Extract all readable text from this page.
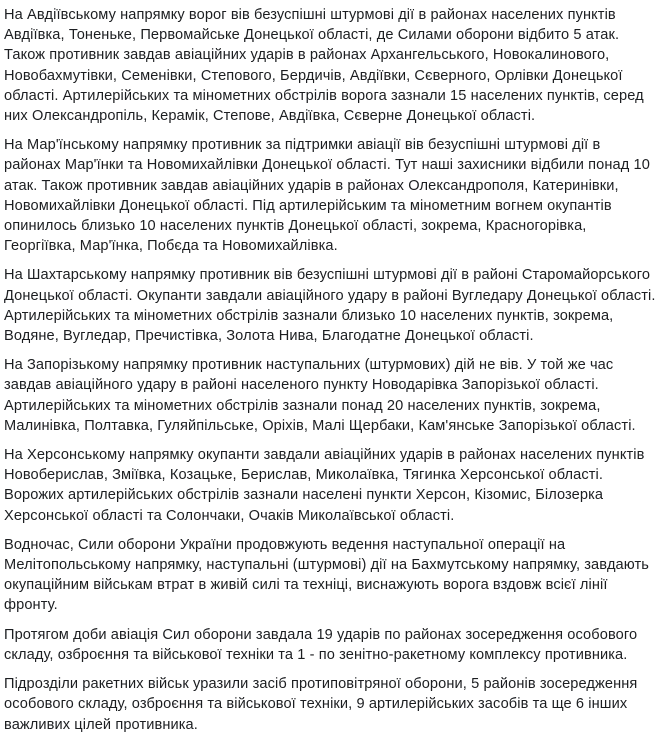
На Авдіївському напрямку ворог вів безуспішні штурмові дії в районах населених пунктів Авдіївка, Тоненьке, Первомайське Донецької області, де Силами оборони відбито 5 атак. Також противник завдав авіаційних ударів в районах Архангельського, Новокалинового, Новобахмутівки, Семенівки, Степового, Бердичів, Авдіївки, Сєверного, Орлівки Донецької області. Артилерійських та мінометних обстрілів ворога зазнали 15 населених пунктів, серед них Олександропіль, Керамік, Степове, Авдіївка, Сєверне Донецької області.

На Мар'їнському напрямку противник за підтримки авіації вів безуспішні штурмові дії в районах Мар'їнки та Новомихайлівки Донецької області. Тут наші захисники відбили понад 10 атак. Також противник завдав авіаційних ударів в районах Олександрополя, Катеринівки, Новомихайлівки Донецької області. Під артилерійським та мінометним вогнем окупантів опинилось близько 10 населених пунктів Донецької області, зокрема, Красногорівка, Георгіївка, Мар'їнка, Побєда та Новомихайлівка.

На Шахтарському напрямку противник вів безуспішні штурмові дії в районі Старомайорського Донецької області. Окупанти завдали авіаційного удару в районі Вугледару Донецької області. Артилерійських та мінометних обстрілів зазнали близько 10 населених пунктів, зокрема, Водяне, Вугледар, Пречистівка, Золота Нива, Благодатне Донецької області.

На Запорізькому напрямку противник наступальних (штурмових) дій не вів. У той же час завдав авіаційного удару в районі населеного пункту Новодарівка Запорізької області. Артилерійських та мінометних обстрілів зазнали понад 20 населених пунктів, зокрема, Малинівка, Полтавка, Гуляйпільське, Оріхів, Малі Щербаки, Кам'янське Запорізької області.

На Херсонському напрямку окупанти завдали авіаційних ударів в районах населених пунктів Новоберислав, Зміївка, Козацьке, Берислав, Миколаївка, Тягинка Херсонської області. Ворожих артилерійських обстрілів зазнали населені пункти Херсон, Кізомис, Білозерка Херсонської області та Солончаки, Очаків Миколаївської області.

Водночас, Сили оборони України продовжують ведення наступальної операції на Мелітопольському напрямку, наступальні (штурмові) дії на Бахмутському напрямку, завдають окупаційним військам втрат в живій силі та техніці, виснажують ворога вздовж всієї лінії фронту.

Протягом доби авіація Сил оборони завдала 19 ударів по районах зосередження особового складу, озброєння та військової техніки та 1 - по зенітно-ракетному комплексу противника.

Підрозділи ракетних військ уразили засіб протиповітряної оборони, 5 районів зосередження особового складу, озброєння та військової техніки, 9 артилерійських засобів та ще 6 інших важливих цілей противника.
